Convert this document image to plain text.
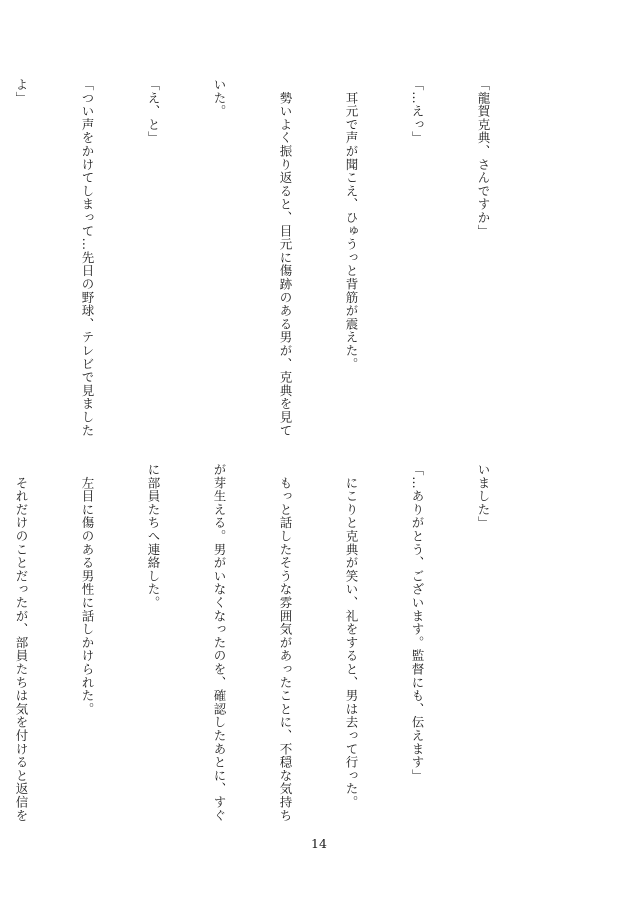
「龍賀克典、さんですか」

「…えっ」

　耳元で声が聞こえ、ひゅうっと背筋が震えた。

　勢いよく振り返ると、目元に傷跡のある男が、克典を見て

いた。

「え、と」

「つい声をかけてしまって…先日の野球、テレビで見ました

よ」

いました」

「…ありがとう、ございます。監督にも、伝えます」

　にこりと克典が笑い、礼をすると、男は去って行った。

　もっと話したそうな雰囲気があったことに、不穏な気持ち

が芽生える。男がいなくなったのを、確認したあとに、すぐ

に部員たちへ連絡した。

　左目に傷のある男性に話しかけられた。

　それだけのことだったが、部員たちは気を付けると返信を

14
